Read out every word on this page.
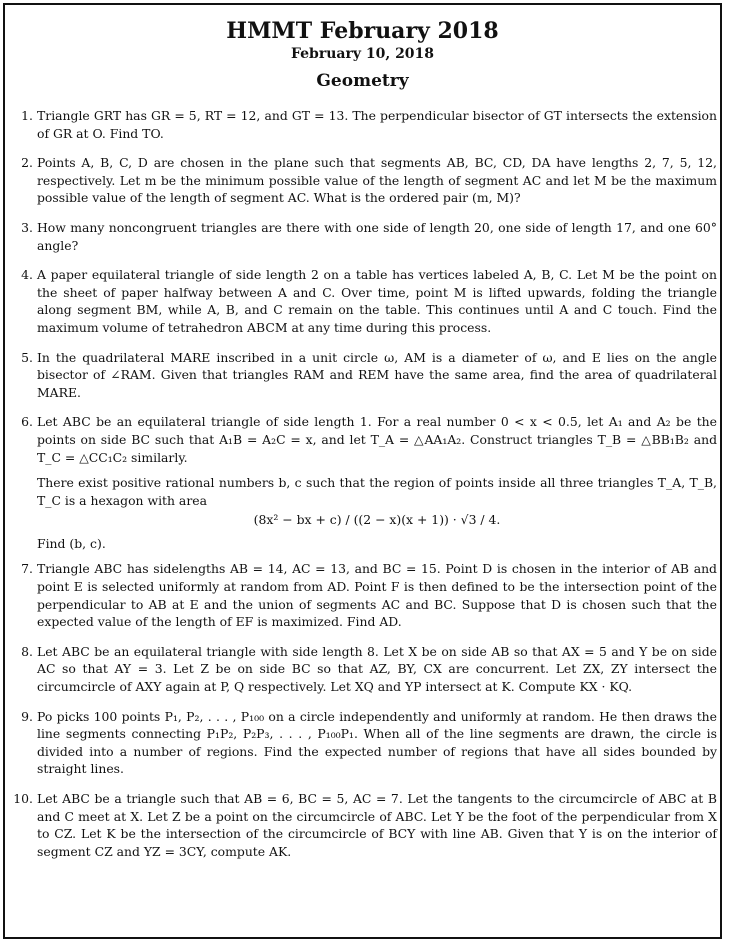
HMMT February 2018
February 10, 2018
Geometry
1. Triangle GRT has GR = 5, RT = 12, and GT = 13. The perpendicular bisector of GT intersects the extension of GR at O. Find TO.

2. Points A, B, C, D are chosen in the plane such that segments AB, BC, CD, DA have lengths 2, 7, 5, 12, respectively. Let m be the minimum possible value of the length of segment AC and let M be the maximum possible value of the length of segment AC. What is the ordered pair (m, M)?

3. How many noncongruent triangles are there with one side of length 20, one side of length 17, and one 60° angle?

4. A paper equilateral triangle of side length 2 on a table has vertices labeled A, B, C. Let M be the point on the sheet of paper halfway between A and C. Over time, point M is lifted upwards, folding the triangle along segment BM, while A, B, and C remain on the table. This continues until A and C touch. Find the maximum volume of tetrahedron ABCM at any time during this process.

5. In the quadrilateral MARE inscribed in a unit circle ω, AM is a diameter of ω, and E lies on the angle bisector of ∠RAM. Given that triangles RAM and REM have the same area, find the area of quadrilateral MARE.

6. Let ABC be an equilateral triangle of side length 1. For a real number 0 < x < 0.5, let A₁ and A₂ be the points on side BC such that A₁B = A₂C = x, and let T_A = △AA₁A₂. Construct triangles T_B = △BB₁B₂ and T_C = △CC₁C₂ similarly.

There exist positive rational numbers b, c such that the region of points inside all three triangles T_A, T_B, T_C is a hexagon with area

(8x² − bx + c) / ((2 − x)(x + 1)) · √3 / 4.

Find (b, c).

7. Triangle ABC has sidelengths AB = 14, AC = 13, and BC = 15. Point D is chosen in the interior of AB and point E is selected uniformly at random from AD. Point F is then defined to be the intersection point of the perpendicular to AB at E and the union of segments AC and BC. Suppose that D is chosen such that the expected value of the length of EF is maximized. Find AD.

8. Let ABC be an equilateral triangle with side length 8. Let X be on side AB so that AX = 5 and Y be on side AC so that AY = 3. Let Z be on side BC so that AZ, BY, CX are concurrent. Let ZX, ZY intersect the circumcircle of AXY again at P, Q respectively. Let XQ and YP intersect at K. Compute KX · KQ.

9. Po picks 100 points P₁, P₂, . . . , P₁₀₀ on a circle independently and uniformly at random. He then draws the line segments connecting P₁P₂, P₂P₃, . . . , P₁₀₀P₁. When all of the line segments are drawn, the circle is divided into a number of regions. Find the expected number of regions that have all sides bounded by straight lines.

10. Let ABC be a triangle such that AB = 6, BC = 5, AC = 7. Let the tangents to the circumcircle of ABC at B and C meet at X. Let Z be a point on the circumcircle of ABC. Let Y be the foot of the perpendicular from X to CZ. Let K be the intersection of the circumcircle of BCY with line AB. Given that Y is on the interior of segment CZ and YZ = 3CY, compute AK.
